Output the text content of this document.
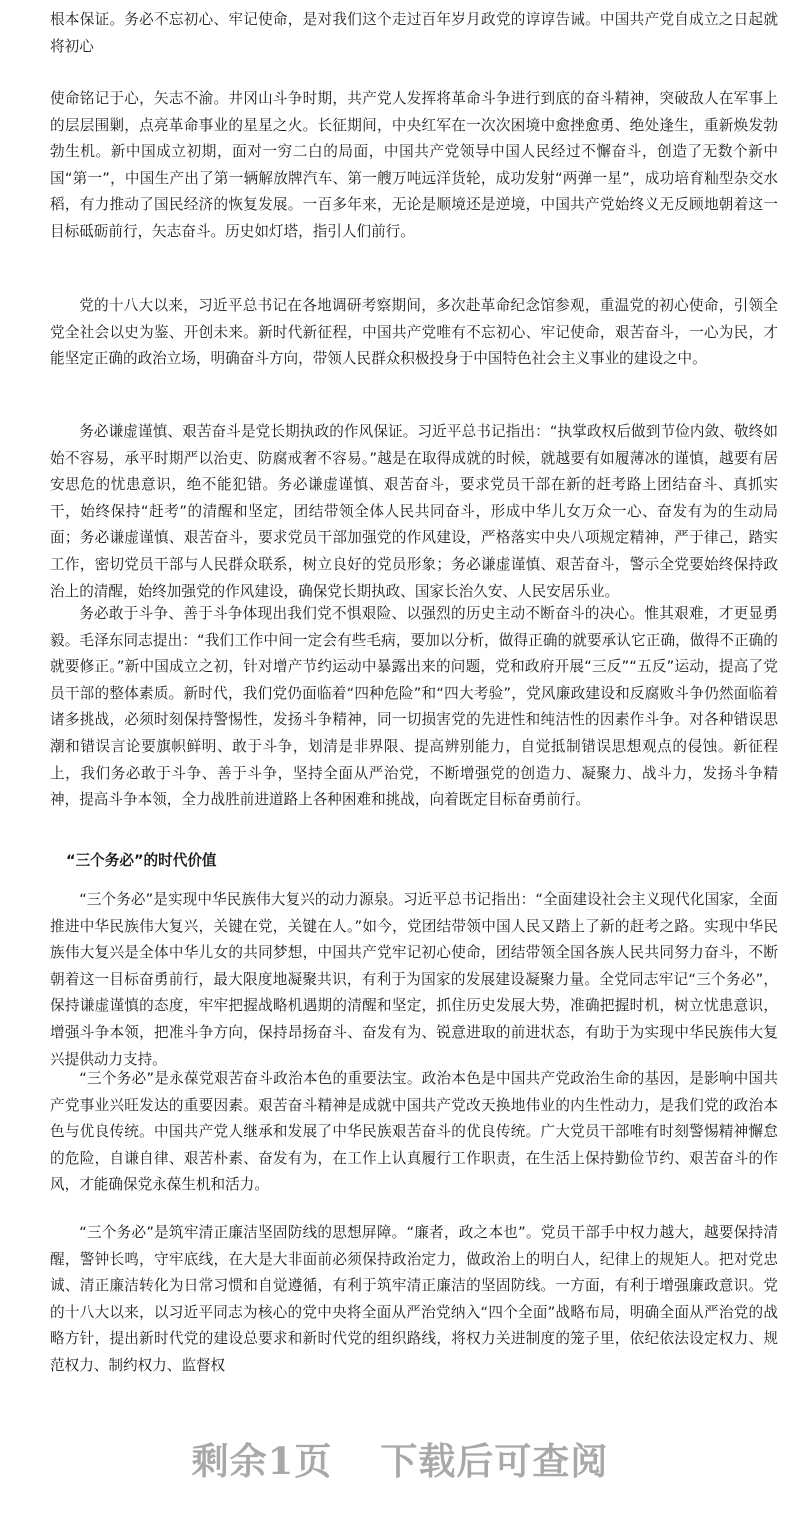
根本保证。务必不忘初心、牢记使命，是对我们这个走过百年岁月政党的谆谆告诫。中国共产党自成立之日起就将初心

使命铭记于心，矢志不渝。井冈山斗争时期，共产党人发挥将革命斗争进行到底的奋斗精神，突破敌人在军事上的层层围剿，点亮革命事业的星星之火。长征期间，中央红军在一次次困境中愈挫愈勇、绝处逢生，重新焕发勃勃生机。新中国成立初期，面对一穷二白的局面，中国共产党领导中国人民经过不懈奋斗，创造了无数个新中国“第一”，中国生产出了第一辆解放牌汽车、第一艘万吨远洋货轮，成功发射“两弹一星”，成功培育籼型杂交水稻，有力推动了国民经济的恢复发展。一百多年来，无论是顺境还是逆境，中国共产党始终义无反顾地朝着这一目标砥砺前行，矢志奋斗。历史如灯塔，指引人们前行。

党的十八大以来，习近平总书记在各地调研考察期间，多次赴革命纪念馆参观，重温党的初心使命，引领全党全社会以史为鉴、开创未来。新时代新征程，中国共产党唯有不忘初心、牢记使命，艰苦奋斗，一心为民，才能坚定正确的政治立场，明确奋斗方向，带领人民群众积极投身于中国特色社会主义事业的建设之中。

务必谦虚谨慎、艰苦奋斗是党长期执政的作风保证。习近平总书记指出：“执掌政权后做到节俭内敛、敬终如始不容易，承平时期严以治吏、防腐戒奢不容易。”越是在取得成就的时候，就越要有如履薄冰的谨慎，越要有居安思危的忧患意识，绝不能犯错。务必谦虚谨慎、艰苦奋斗，要求党员干部在新的赶考路上团结奋斗、真抓实干，始终保持“赶考”的清醒和坚定，团结带领全体人民共同奋斗，形成中华儿女万众一心、奋发有为的生动局面；务必谦虚谨慎、艰苦奋斗，要求党员干部加强党的作风建设，严格落实中央八项规定精神，严于律己，踏实工作，密切党员干部与人民群众联系，树立良好的党员形象；务必谦虚谨慎、艰苦奋斗，警示全党要始终保持政治上的清醒，始终加强党的作风建设，确保党长期执政、国家长治久安、人民安居乐业。

务必敢于斗争、善于斗争体现出我们党不惧艰险、以强烈的历史主动不断奋斗的决心。惟其艰难，才更显勇毅。毛泽东同志提出：“我们工作中间一定会有些毛病，要加以分析，做得正确的就要承认它正确，做得不正确的就要修正。”新中国成立之初，针对增产节约运动中暴露出来的问题，党和政府开展“三反”“五反”运动，提高了党员干部的整体素质。新时代，我们党仍面临着“四种危险”和“四大考验”，党风廉政建设和反腐败斗争仍然面临着诸多挑战，必须时刻保持警惕性，发扬斗争精神，同一切损害党的先进性和纯洁性的因素作斗争。对各种错误思潮和错误言论要旗帜鲜明、敢于斗争，划清是非界限、提高辨别能力，自觉抵制错误思想观点的侵蚀。新征程上，我们务必敢于斗争、善于斗争，坚持全面从严治党，不断增强党的创造力、凝聚力、战斗力，发扬斗争精神，提高斗争本领，全力战胜前进道路上各种困难和挑战，向着既定目标奋勇前行。

“三个务必”的时代价值

“三个务必”是实现中华民族伟大复兴的动力源泉。习近平总书记指出：“全面建设社会主义现代化国家，全面推进中华民族伟大复兴，关键在党，关键在人。”如今，党团结带领中国人民又踏上了新的赶考之路。实现中华民族伟大复兴是全体中华儿女的共同梦想，中国共产党牢记初心使命，团结带领全国各族人民共同努力奋斗，不断朝着这一目标奋勇前行，最大限度地凝聚共识，有利于为国家的发展建设凝聚力量。全党同志牢记“三个务必”，保持谦虚谨慎的态度，牢牢把握战略机遇期的清醒和坚定，抓住历史发展大势，准确把握时机，树立忧患意识，增强斗争本领，把准斗争方向，保持昂扬奋斗、奋发有为、锐意进取的前进状态，有助于为实现中华民族伟大复兴提供动力支持。

“三个务必”是永葆党艰苦奋斗政治本色的重要法宝。政治本色是中国共产党政治生命的基因，是影响中国共产党事业兴旺发达的重要因素。艰苦奋斗精神是成就中国共产党改天换地伟业的内生性动力，是我们党的政治本色与优良传统。中国共产党人继承和发展了中华民族艰苦奋斗的优良传统。广大党员干部唯有时刻警惕精神懈怠的危险，自谦自律、艰苦朴素、奋发有为，在工作上认真履行工作职责，在生活上保持勤俭节约、艰苦奋斗的作风，才能确保党永葆生机和活力。

“三个务必”是筑牢清正廉洁坚固防线的思想屏障。“廉者，政之本也”。党员干部手中权力越大，越要保持清醒，警钟长鸣，守牢底线，在大是大非面前必须保持政治定力，做政治上的明白人，纪律上的规矩人。把对党忠诚、清正廉洁转化为日常习惯和自觉遵循，有利于筑牢清正廉洁的坚固防线。一方面，有利于增强廉政意识。党的十八大以来，以习近平同志为核心的党中央将全面从严治党纳入“四个全面”战略布局，明确全面从严治党的战略方针，提出新时代党的建设总要求和新时代党的组织路线，将权力关进制度的笼子里，依纪依法设定权力、规范权力、制约权力、监督权

剩余1页 下载后可查阅
